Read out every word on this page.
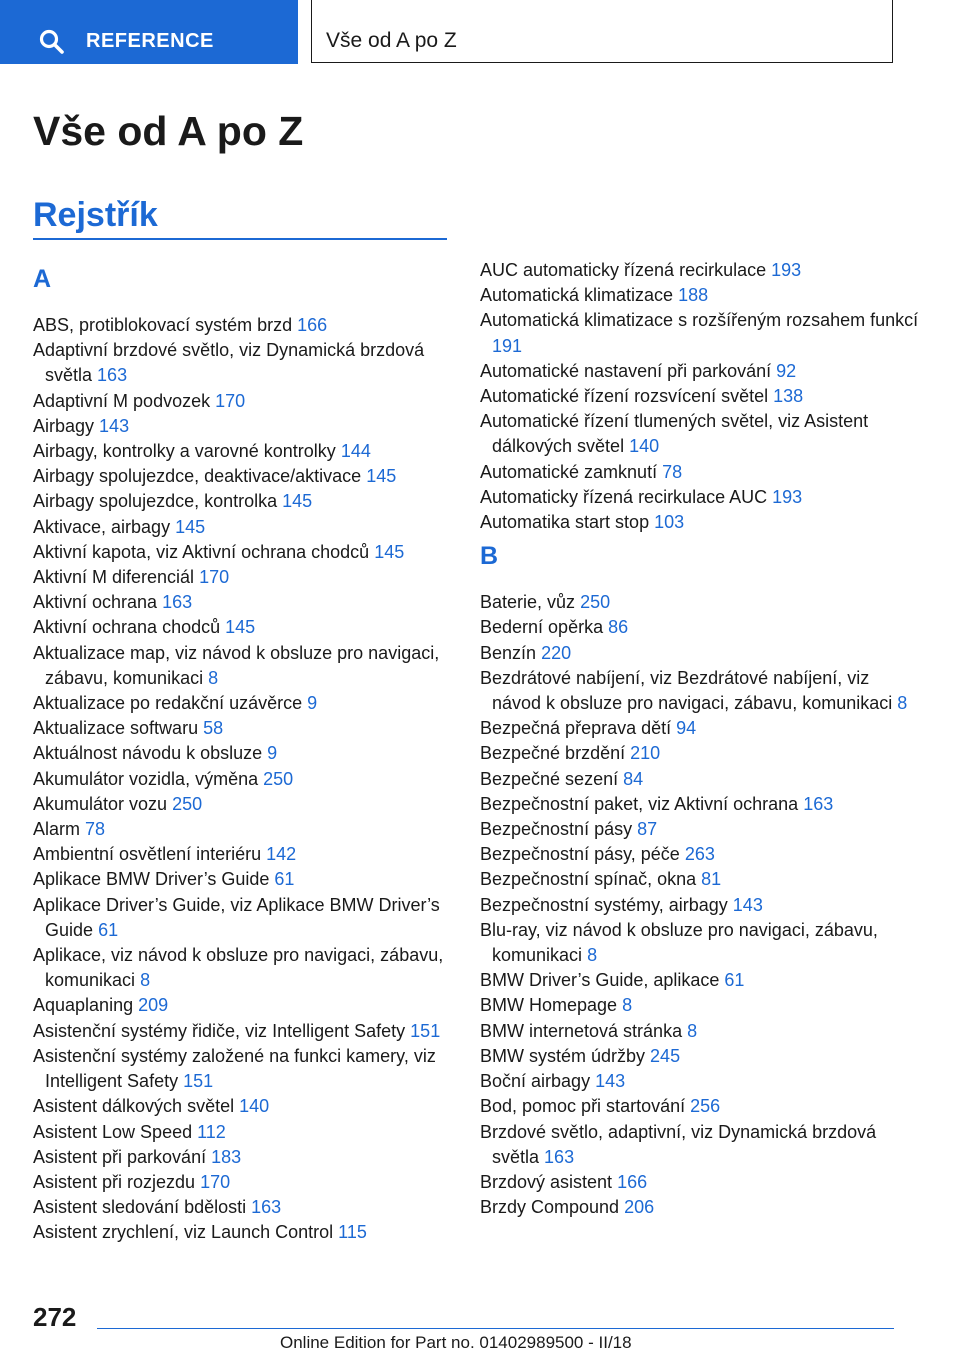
REFERENCE	Vše od A po Z
Vše od A po Z
Rejstřík
A
ABS, protiblokovací systém brzd 166
Adaptivní brzdové světlo, viz Dynamická brzdová světla 163
Adaptivní M podvozek 170
Airbagy 143
Airbagy, kontrolky a varovné kontrolky 144
Airbagy spolujezdce, deaktivace/aktivace 145
Airbagy spolujezdce, kontrolka 145
Aktivace, airbagy 145
Aktivní kapota, viz Aktivní ochrana chodců 145
Aktivní M diferenciál 170
Aktivní ochrana 163
Aktivní ochrana chodců 145
Aktualizace map, viz návod k obsluze pro navigaci, zábavu, komunikaci 8
Aktualizace po redakční uzávěrce 9
Aktualizace softwaru 58
Aktuálnost návodu k obsluze 9
Akumulátor vozidla, výměna 250
Akumulátor vozu 250
Alarm 78
Ambientní osvětlení interiéru 142
Aplikace BMW Driver’s Guide 61
Aplikace Driver’s Guide, viz Aplikace BMW Driver’s Guide 61
Aplikace, viz návod k obsluze pro navigaci, zábavu, komunikaci 8
Aquaplaning 209
Asistenční systémy řidiče, viz Intelligent Safety 151
Asistenční systémy založené na funkci kamery, viz Intelligent Safety 151
Asistent dálkových světel 140
Asistent Low Speed 112
Asistent při parkování 183
Asistent při rozjezdu 170
Asistent sledování bdělosti 163
Asistent zrychlení, viz Launch Control 115
AUC automaticky řízená recirkulace 193
Automatická klimatizace 188
Automatická klimatizace s rozšířeným rozsahem funkcí 191
Automatické nastavení při parkování 92
Automatické řízení rozsvícení světel 138
Automatické řízení tlumených světel, viz Asistent dálkových světel 140
Automatické zamknutí 78
Automaticky řízená recirkulace AUC 193
Automatika start stop 103
B
Baterie, vůz 250
Bederní opěrka 86
Benzín 220
Bezdrátové nabíjení, viz Bezdrátové nabíjení, viz návod k obsluze pro navigaci, zábavu, komunikaci 8
Bezpečná přeprava dětí 94
Bezpečné brzdění 210
Bezpečné sezení 84
Bezpečnostní paket, viz Aktivní ochrana 163
Bezpečnostní pásy 87
Bezpečnostní pásy, péče 263
Bezpečnostní spínač, okna 81
Bezpečnostní systémy, airbagy 143
Blu-ray, viz návod k obsluze pro navigaci, zábavu, komunikaci 8
BMW Driver’s Guide, aplikace 61
BMW Homepage 8
BMW internetová stránka 8
BMW systém údržby 245
Boční airbagy 143
Bod, pomoc při startování 256
Brzdové světlo, adaptivní, viz Dynamická brzdová světla 163
Brzdový asistent 166
Brzdy Compound 206
272
Online Edition for Part no. 01402989500 - II/18
